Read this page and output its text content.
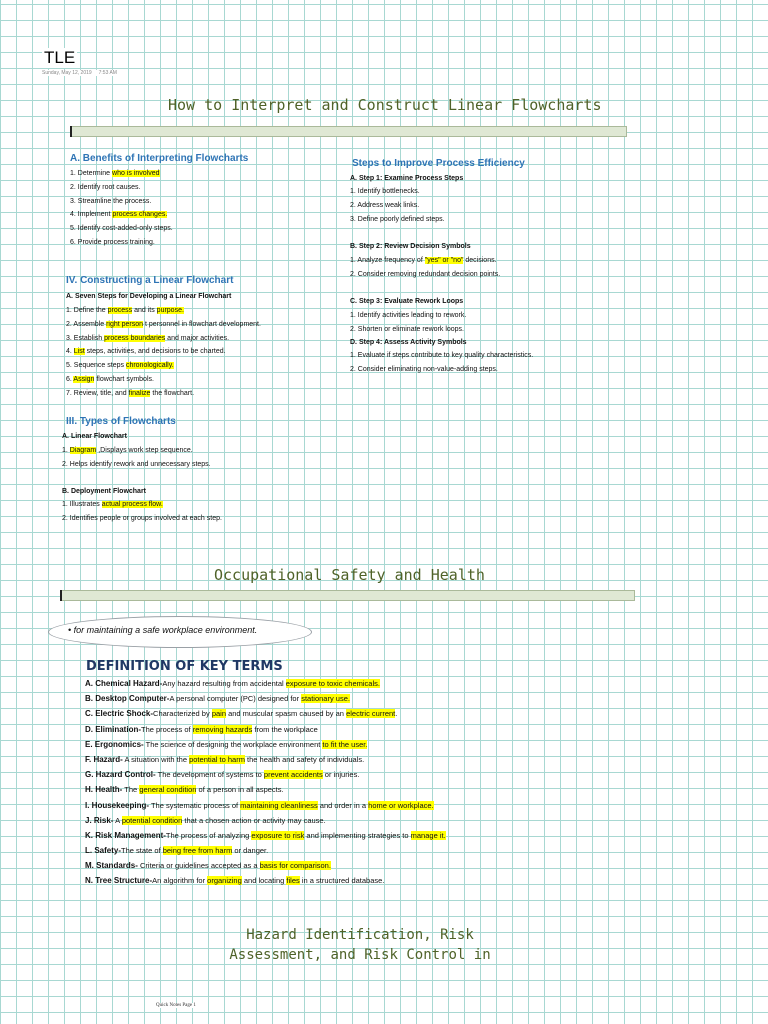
TLE
Sunday, May 12, 2019 7:53 AM
How to Interpret and Construct Linear Flowcharts
A. Benefits of Interpreting Flowcharts
1. Determine who is involved
2. Identify root causes.
3. Streamline the process.
4. Implement process changes.
5. Identify cost-added-only steps.
6. Provide process training.
IV. Constructing a Linear Flowchart
A. Seven Steps for Developing a Linear Flowchart
1. Define the process and its purpose.
2. Assemble right person t personnel in flowchart development.
3. Establish process boundaries and major activities.
4. List steps, activities, and decisions to be charted.
5. Sequence steps chronologically.
6. Assign flowchart symbols.
7. Review, title, and finalize the flowchart.
III. Types of Flowcharts
A. Linear Flowchart
1. Diagram ,Displays work step sequence.
2. Helps identify rework and unnecessary steps.
B. Deployment Flowchart
1. Illustrates actual process flow.
2. Identifies people or groups involved at each step.
Steps to Improve Process Efficiency
A. Step 1: Examine Process Steps
1. Identify bottlenecks.
2. Address weak links.
3. Define poorly defined steps.
B. Step 2: Review Decision Symbols
1. Analyze frequency of "yes" or "no" decisions.
2. Consider removing redundant decision points.
C. Step 3: Evaluate Rework Loops
1. Identify activities leading to rework.
2. Shorten or eliminate rework loops.
D. Step 4: Assess Activity Symbols
1. Evaluate if steps contribute to key quality characteristics.
2. Consider eliminating non-value-adding steps.
Occupational Safety and Health
• for maintaining a safe workplace environment.
DEFINITION OF KEY TERMS
A. Chemical Hazard-Any hazard resulting from accidental exposure to toxic chemicals.
B. Desktop Computer-A personal computer (PC) designed for stationary use.
C. Electric Shock-Characterized by pain and muscular spasm caused by an electric current.
D. Elimination-The process of removing hazards from the workplace
E. Ergonomics- The science of designing the workplace environment to fit the user.
F. Hazard- A situation with the potential to harm the health and safety of individuals.
G. Hazard Control- The development of systems to prevent accidents or injuries.
H. Health- The general condition of a person in all aspects.
I. Housekeeping- The systematic process of maintaining cleanliness and order in a home or workplace.
J. Risk- A potential condition that a chosen action or activity may cause.
K. Risk Management-The process of analyzing exposure to risk and implementing strategies to manage it.
L. Safety-The state of being free from harm or danger.
M. Standards- Criteria or guidelines accepted as a basis for comparison.
N. Tree Structure-An algorithm for organizing and locating files in a structured database.
Hazard Identification, Risk
Assessment, and Risk Control in
Quick Notes Page 1
